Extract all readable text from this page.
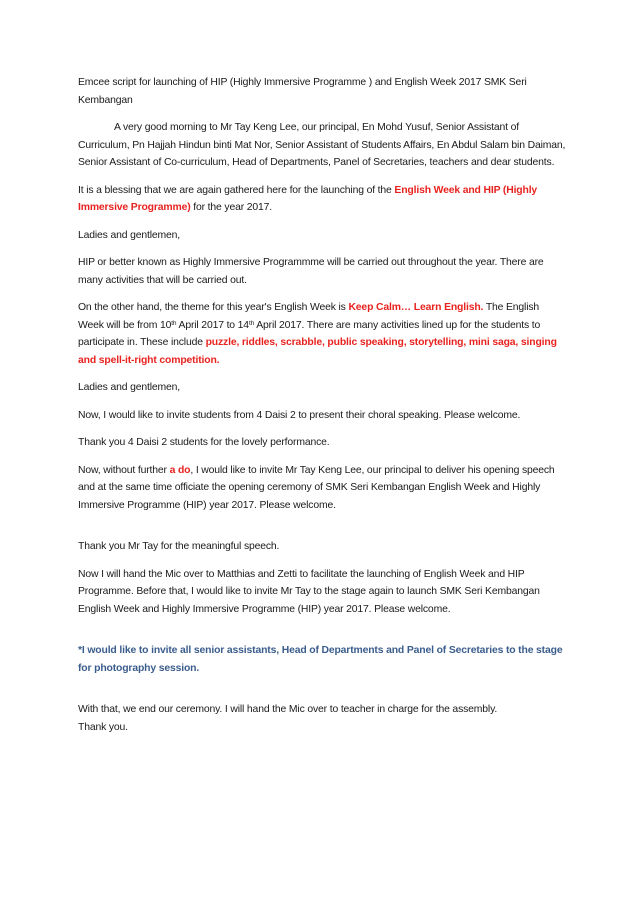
Emcee script for launching of HIP (Highly Immersive Programme ) and English Week 2017 SMK Seri Kembangan

A very good morning to Mr Tay Keng Lee, our principal, En Mohd Yusuf, Senior Assistant of Curriculum, Pn Hajjah Hindun binti Mat Nor, Senior Assistant of Students Affairs, En Abdul Salam bin Daiman, Senior Assistant of Co-curriculum, Head of Departments, Panel of Secretaries, teachers and dear students.

It is a blessing that we are again gathered here for the launching of the English Week and HIP (Highly Immersive Programme) for the year 2017.

Ladies and gentlemen,

HIP or better known as Highly Immersive Programmme will be carried out throughout the year. There are many activities that will be carried out.

On the other hand, the theme for this year's English Week is Keep Calm… Learn English. The English Week will be from 10th April 2017 to 14th April 2017. There are many activities lined up for the students to participate in. These include puzzle, riddles, scrabble, public speaking, storytelling, mini saga, singing and spell-it-right competition.

Ladies and gentlemen,

Now, I would like to invite students from 4 Daisi 2 to present their choral speaking. Please welcome.

Thank you 4 Daisi 2 students for the lovely performance.

Now, without further a do, I would like to invite Mr Tay Keng Lee, our principal to deliver his opening speech and at the same time officiate the opening ceremony of SMK Seri Kembangan English Week and Highly Immersive Programme (HIP) year 2017. Please welcome.

Thank you Mr Tay for the meaningful speech.

Now I will hand the Mic over to Matthias and Zetti to facilitate the launching of English Week and HIP Programme. Before that, I would like to invite Mr Tay to the stage again to launch SMK Seri Kembangan English Week and Highly Immersive Programme (HIP) year 2017. Please welcome.

*I would like to invite all senior assistants, Head of Departments and Panel of Secretaries to the stage for photography session.

With that, we end our ceremony. I will hand the Mic over to teacher in charge for the assembly.

Thank you.
